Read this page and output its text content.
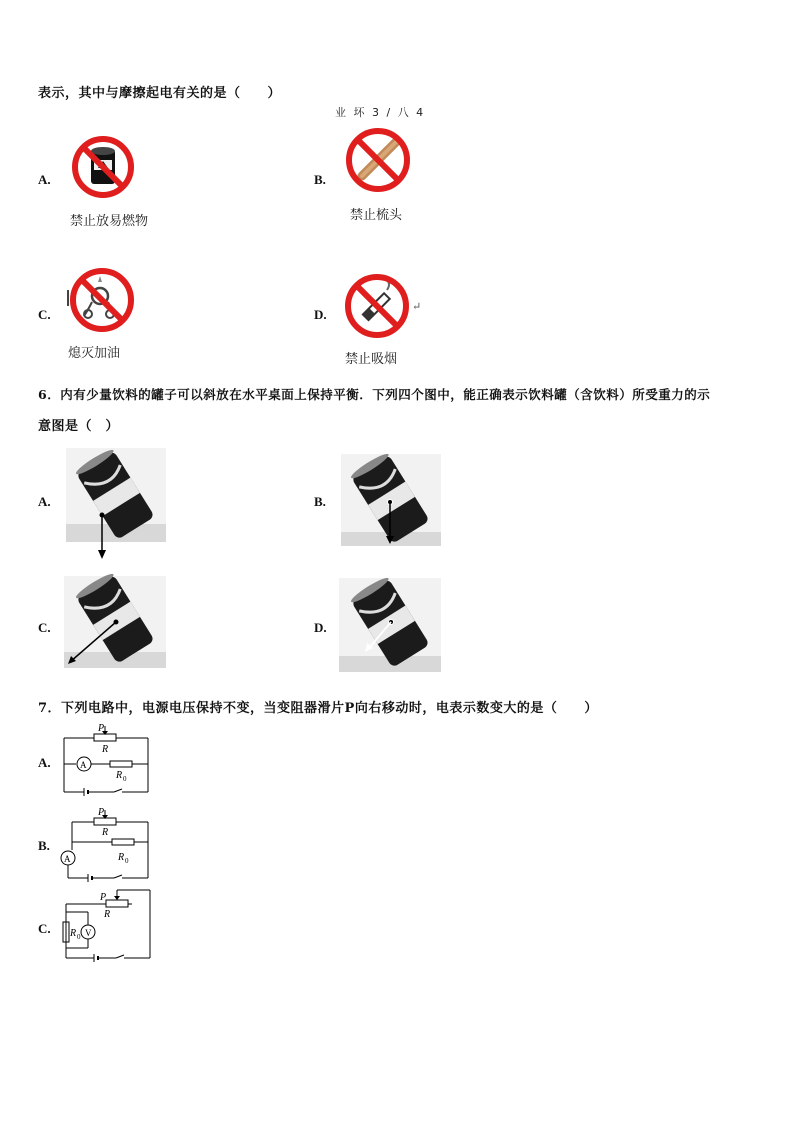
表示，其中与摩擦起电有关的是（　　）
业 坏 3 / 八 4
A.
禁止放易燃物
B.
禁止梳头
C.
熄灭加油
D.
↵
禁止吸烟
6．内有少量饮料的罐子可以斜放在水平桌面上保持平衡．下列四个图中，能正确表示饮料罐（含饮料）所受重力的示
意图是（　）
A.	B.
C.	D.
7．下列电路中，电源电压保持不变，当变阻器滑片P向右移动时，电表示数变大的是（　　）
A.
P
R
A
R 0
B.
P
R
A	R 0
C.
P
R
V
R 0
